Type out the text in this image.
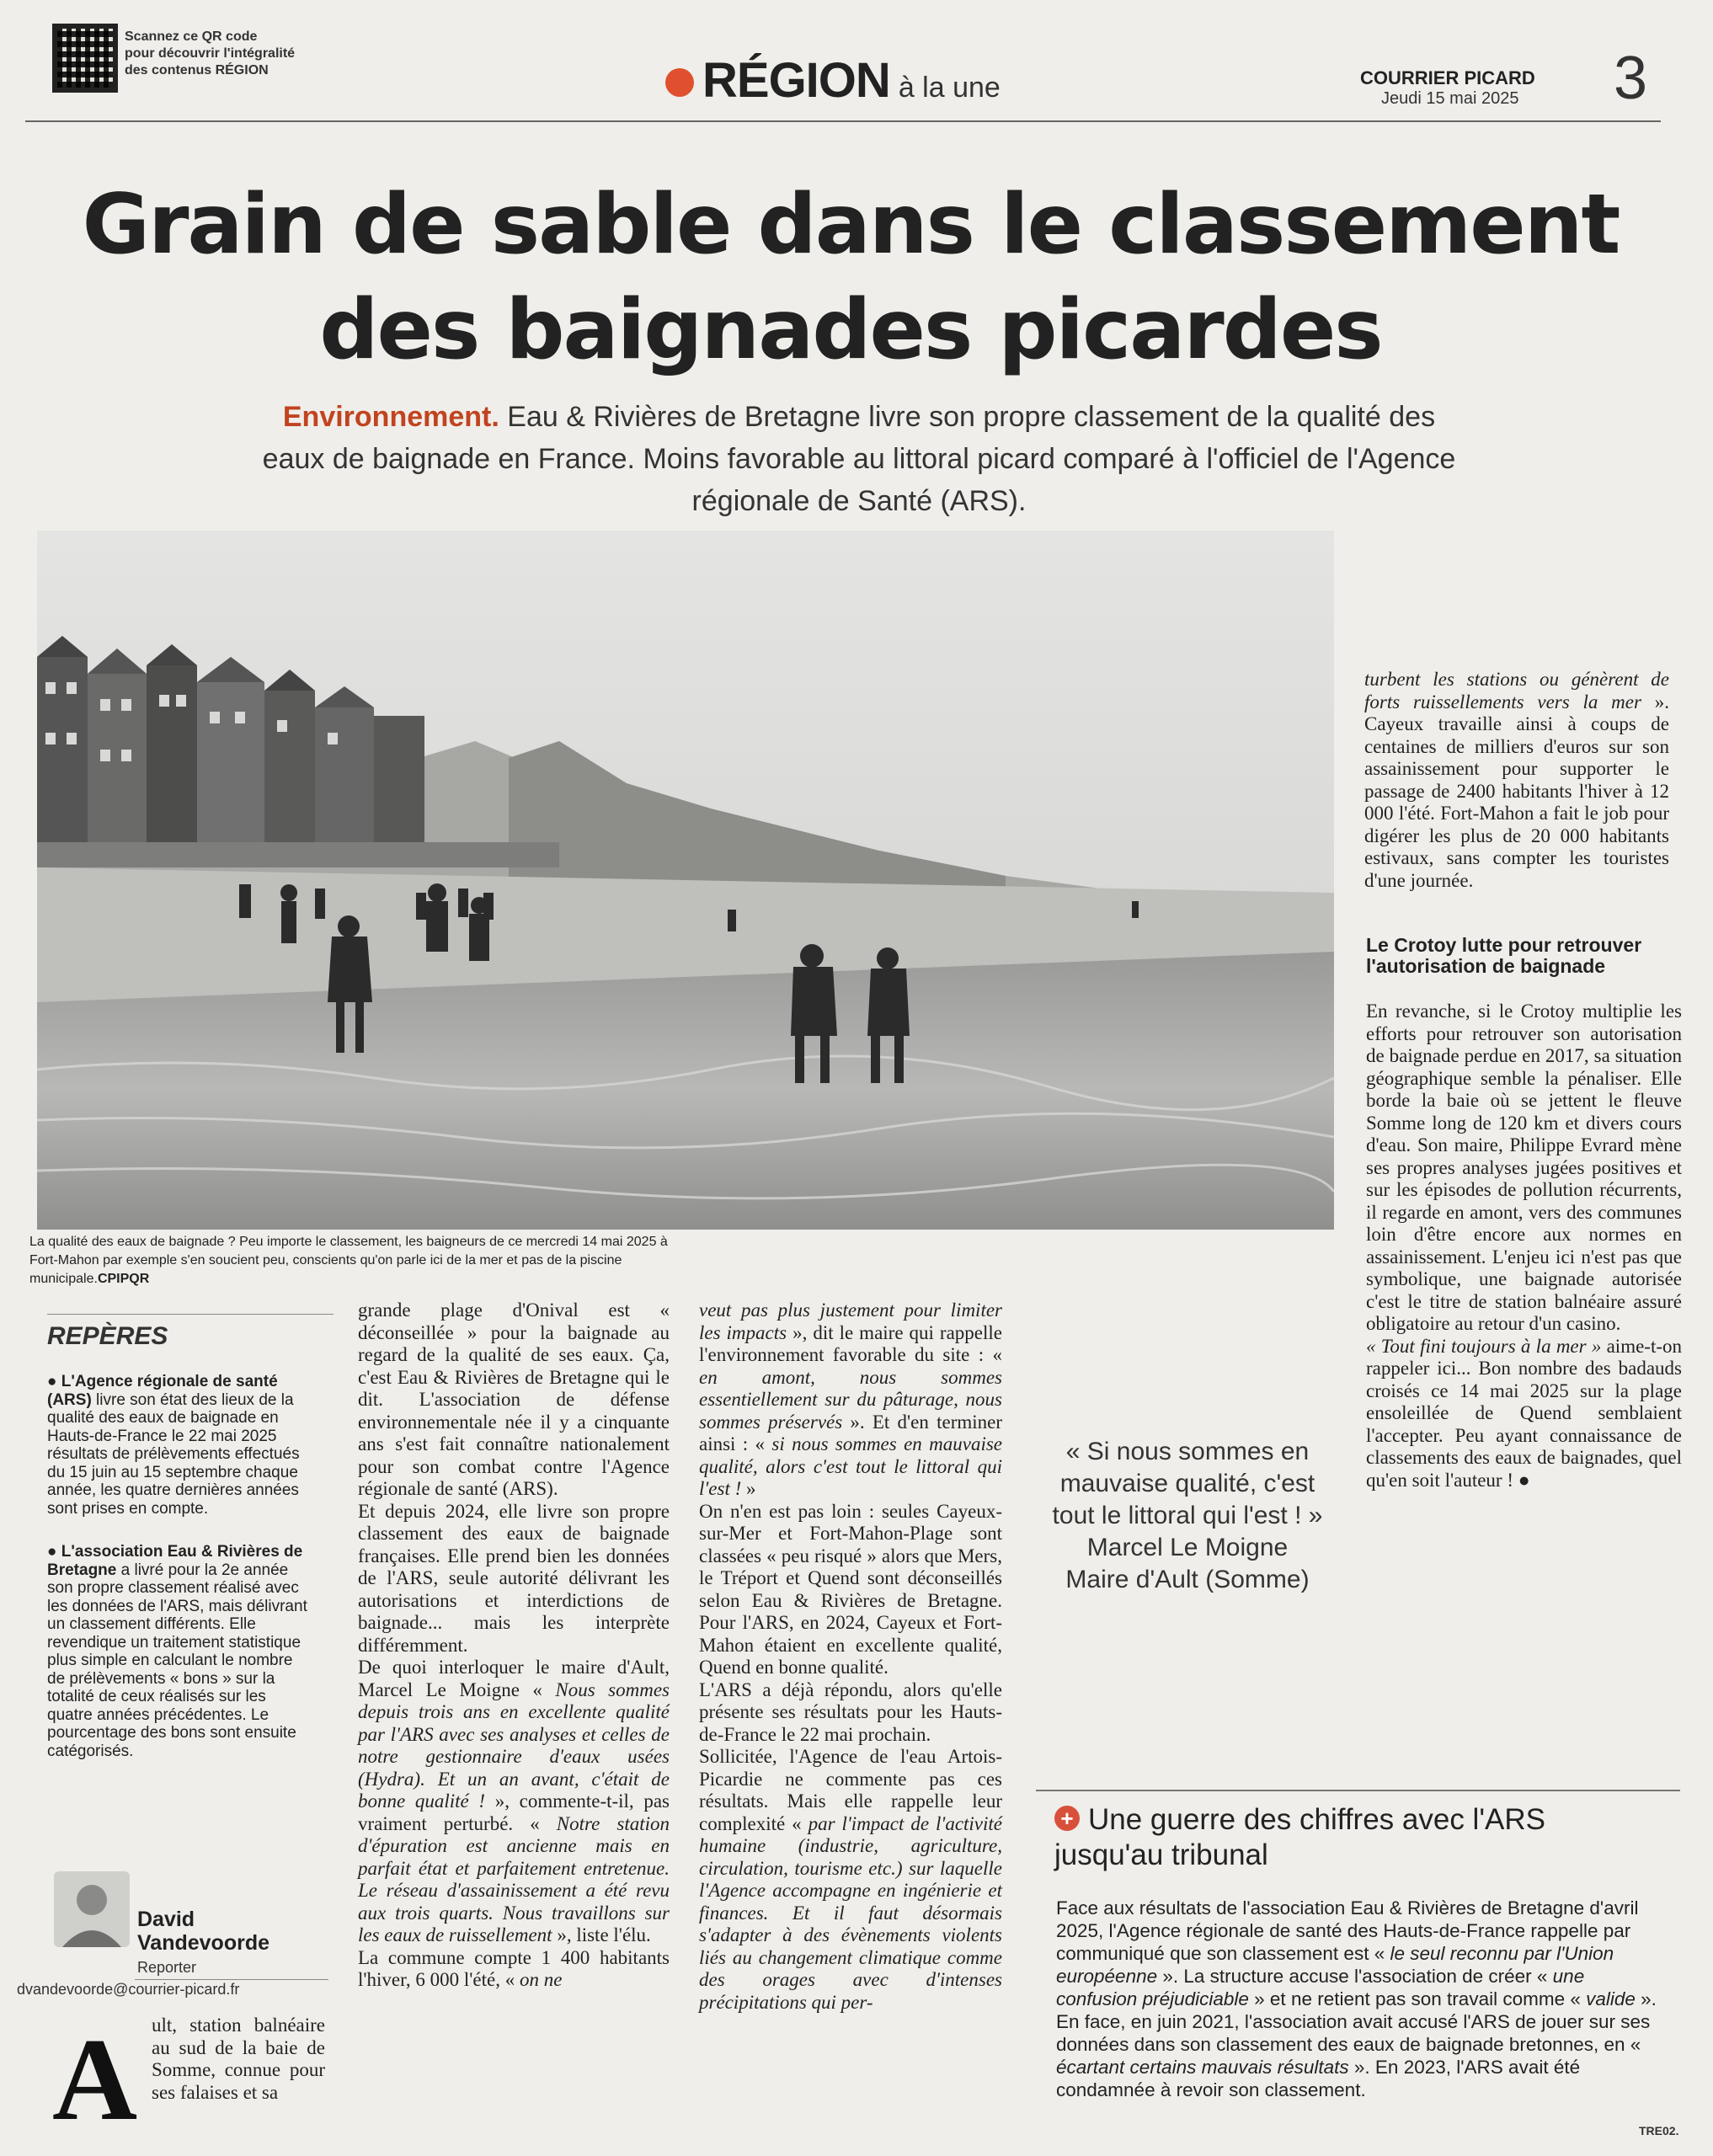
Scannez ce QR code
pour découvrir l'intégralité
des contenus RÉGION	RÉGION à la une	COURRIER PICARD
Jeudi 15 mai 2025 3
Grain de sable dans le classement
des baignades picardes
Environnement. Eau & Rivières de Bretagne livre son propre classement de la qualité des eaux de baignade en France. Moins favorable au littoral picard comparé à l'officiel de l'Agence régionale de Santé (ARS).
La qualité des eaux de baignade ? Peu importe le classement, les baigneurs de ce mercredi 14 mai 2025 à Fort-Mahon par exemple s'en soucient peu, conscients qu'on parle ici de la mer et pas de la piscine municipale.CPIPQR
REPÈRES

● L'Agence régionale de santé (ARS) livre son état des lieux de la qualité des eaux de baignade en Hauts-de-France le 22 mai 2025 résultats de prélèvements effectués du 15 juin au 15 septembre chaque année, les quatre dernières années sont prises en compte.

● L'association Eau & Rivières de Bretagne a livré pour la 2e année son propre classement réalisé avec les données de l'ARS, mais délivrant un classement différents. Elle revendique un traitement statistique plus simple en calculant le nombre de prélèvements « bons » sur la totalité de ceux réalisés sur les quatre années précédentes. Le pourcentage des bons sont ensuite catégorisés.

David Vandevoorde
Reporter
dvandevoorde@courrier-picard.fr
A ult, station balnéaire au sud de la baie de Somme, connue pour ses falaises et sa

grande plage d'Onival est « déconseillée » pour la baignade au regard de la qualité de ses eaux. Ça, c'est Eau & Rivières de Bretagne qui le dit. L'association de défense environnementale née il y a cinquante ans s'est fait connaître nationalement pour son combat contre l'Agence régionale de santé (ARS).

Et depuis 2024, elle livre son propre classement des eaux de baignade françaises. Elle prend bien les données de l'ARS, seule autorité délivrant les autorisations et interdictions de baignade... mais les interprète différemment.

De quoi interloquer le maire d'Ault, Marcel Le Moigne « Nous sommes depuis trois ans en excellente qualité par l'ARS avec ses analyses et celles de notre gestionnaire d'eaux usées (Hydra). Et un an avant, c'était de bonne qualité ! », commente-t-il, pas vraiment perturbé. « Notre station d'épuration est ancienne mais en parfait état et parfaitement entretenue. Le réseau d'assainissement a été revu aux trois quarts. Nous travaillons sur les eaux de ruissellement », liste l'élu.

La commune compte 1 400 habitants l'hiver, 6 000 l'été, « on ne

veut pas plus justement pour limiter les impacts », dit le maire qui rappelle l'environnement favorable du site : « en amont, nous sommes essentiellement sur du pâturage, nous sommes préservés ». Et d'en terminer ainsi : « si nous sommes en mauvaise qualité, alors c'est tout le littoral qui l'est ! »

On n'en est pas loin : seules Cayeux-sur-Mer et Fort-Mahon-Plage sont classées « peu risqué » alors que Mers, le Tréport et Quend sont déconseillés selon Eau & Rivières de Bretagne. Pour l'ARS, en 2024, Cayeux et Fort-Mahon étaient en excellente qualité, Quend en bonne qualité.

L'ARS a déjà répondu, alors qu'elle présente ses résultats pour les Hauts-de-France le 22 mai prochain.

Sollicitée, l'Agence de l'eau Artois-Picardie ne commente pas ces résultats. Mais elle rappelle leur complexité « par l'impact de l'activité humaine (industrie, agriculture, circulation, tourisme etc.) sur laquelle l'Agence accompagne en ingénierie et finances. Et il faut désormais s'adapter à des évènements violents liés au changement climatique comme des orages avec d'intenses précipitations qui per-

« Si nous sommes en mauvaise qualité, c'est tout le littoral qui l'est ! »
Marcel Le Moigne
Maire d'Ault (Somme)

turbent les stations ou génèrent de forts ruissellements vers la mer ». Cayeux travaille ainsi à coups de centaines de milliers d'euros sur son assainissement pour supporter le passage de 2400 habitants l'hiver à 12 000 l'été. Fort-Mahon a fait le job pour digérer les plus de 20 000 habitants estivaux, sans compter les touristes d'une journée.

Le Crotoy lutte pour retrouver l'autorisation de baignade

En revanche, si le Crotoy multiplie les efforts pour retrouver son autorisation de baignade perdue en 2017, sa situation géographique semble la pénaliser. Elle borde la baie où se jettent le fleuve Somme long de 120 km et divers cours d'eau. Son maire, Philippe Evrard mène ses propres analyses jugées positives et sur les épisodes de pollution récurrents, il regarde en amont, vers des communes loin d'être encore aux normes en assainissement. L'enjeu ici n'est pas que symbolique, une baignade autorisée c'est le titre de station balnéaire assuré obligatoire au retour d'un casino.

« Tout fini toujours à la mer » aime-t-on rappeler ici... Bon nombre des badauds croisés ce 14 mai 2025 sur la plage ensoleillée de Quend semblaient l'accepter. Peu ayant connaissance de classements des eaux de baignades, quel qu'en soit l'auteur ! ●

+ Une guerre des chiffres avec l'ARS jusqu'au tribunal

Face aux résultats de l'association Eau & Rivières de Bretagne d'avril 2025, l'Agence régionale de santé des Hauts-de-France rappelle par communiqué que son classement est « le seul reconnu par l'Union européenne ». La structure accuse l'association de créer « une confusion préjudiciable » et ne retient pas son travail comme « valide ». En face, en juin 2021, l'association avait accusé l'ARS de jouer sur ses données dans son classement des eaux de baignade bretonnes, en « écartant certains mauvais résultats ». En 2023, l'ARS avait été condamnée à revoir son classement.

TRE02.
